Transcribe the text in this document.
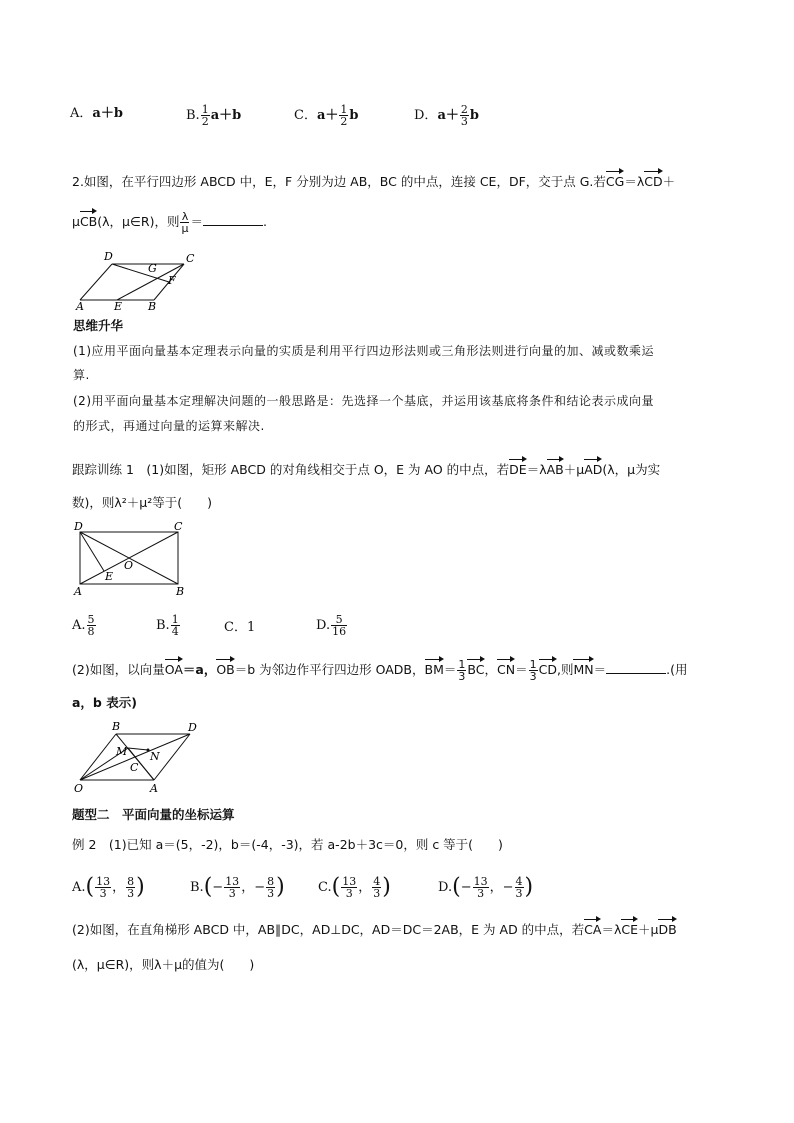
A．a＋b	B. $\frac{1}{2} a+b$	C．$a+ \frac{1}{2}$ b	D．$a+ \frac{2}{3}$ b
2.如图，在平行四边形 ABCD 中，E，F 分别为边 AB，BC 的中点，连接 CE，DF，交于点 G.若CG＝λCD＋
μCB(λ，μ∈R)，则 $\frac{\lambda}{\mu}$ ＝	.
D	C
G
F
A	E B
思维升华
(1)应用平面向量基本定理表示向量的实质是利用平行四边形法则或三角形法则进行向量的加、减或数乘运
算.
(2)用平面向量基本定理解决问题的一般思路是：先选择一个基底，并运用该基底将条件和结论表示成向量
的形式，再通过向量的运算来解决.
跟踪训练 1　(1)如图，矩形 ABCD 的对角线相交于点 O，E 为 AO 的中点，若DE＝λAB＋μAD(λ，μ为实
数)，则λ²＋μ²等于(　　)
D	C
E
O
A	B
A. $\frac{5}{8}$	B. $\frac{1}{4}$	C．1	D. $\frac{5}{16}$
(2)如图，以向量OA＝a，OB＝b 为邻边作平行四边形 OADB，$BM= \frac{1}{3}$ BC，$CN= \frac{1}{3}$ CD,则MN＝	.(用
a，b 表示)
B	D
M N
C
O	A
题型二　平面向量的坐标运算
例 2　(1)已知 a＝(5，-2)，b＝(-4，-3)，若 a-2b＋3c＝0，则 c 等于(　　)
$A.( \frac{13}{3}$ ， $\frac{8}{3}$ )	$B.(- \frac{13}{3}$ ，− $\frac{8}{3}$ )	$C.( \frac{13}{3}$ ， $\frac{4}{3}$ )	$D.(- \frac{13}{3}$ ，− $\frac{4}{3}$ )
(2)如图，在直角梯形 ABCD 中，AB∥DC，AD⊥DC，AD＝DC＝2AB，E 为 AD 的中点，若CA＝λCE＋μDB
(λ，μ∈R)，则λ＋μ的值为(　　)
